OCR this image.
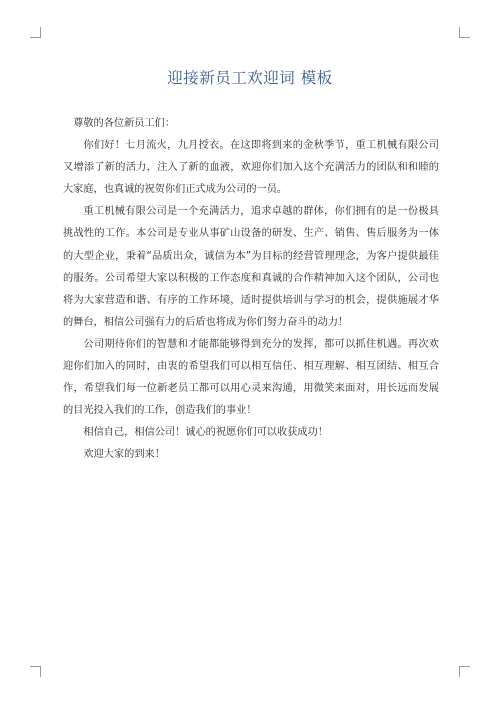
迎接新员工欢迎词 模板

尊敬的各位新员工们：

你们好！七月流火，九月授衣。在这即将到来的金秋季节，重工机械有限公司又增添了新的活力，注入了新的血液，欢迎你们加入这个充满活力的团队和和睦的大家庭，也真诚的祝贺你们正式成为公司的一员。

重工机械有限公司是一个充满活力，追求卓越的群体，你们拥有的是一份极具挑战性的工作。本公司是专业从事矿山设备的研发、生产、销售、售后服务为一体的大型企业，秉着“品质出众，诚信为本”为目标的经营管理理念，为客户提供最佳的服务。公司希望大家以积极的工作态度和真诚的合作精神加入这个团队，公司也将为大家营造和谐、有序的工作环境，适时提供培训与学习的机会，提供施展才华的舞台，相信公司强有力的后盾也将成为你们努力奋斗的动力！

公司期待你们的智慧和才能都能够得到充分的发挥，都可以抓住机遇。再次欢迎你们加入的同时，由衷的希望我们可以相互信任、相互理解、相互团结、相互合作，希望我们每一位新老员工都可以用心灵来沟通，用微笑来面对，用长远而发展的目光投入我们的工作，创造我们的事业！

相信自己，相信公司！诚心的祝愿你们可以收获成功！

欢迎大家的到来！
